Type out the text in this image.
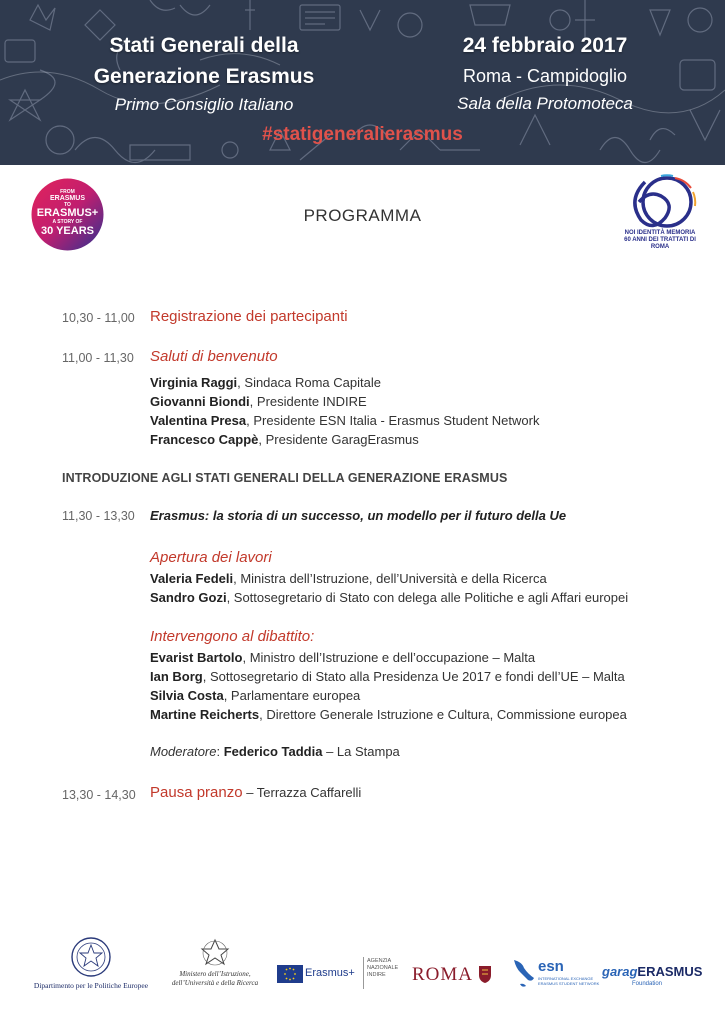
Stati Generali della
Generazione Erasmus
Primo Consiglio Italiano
24 febbraio 2017
Roma - Campidoglio
Sala della Protomoteca
#statigeneralierasmus
FROM
ERASMUS
TO
ERASMUS+
A STORY OF
30 YEARS
PROGRAMMA
NOI IDENTITÀ MEMORIA
60 ANNI DEI TRATTATI DI ROMA
10,30 - 11,00 Registrazione dei partecipanti
11,00 - 11,30 Saluti di benvenuto
Virginia Raggi, Sindaca Roma Capitale
Giovanni Biondi, Presidente INDIRE
Valentina Presa, Presidente ESN Italia - Erasmus Student Network
Francesco Cappè, Presidente GaragErasmus
INTRODUZIONE AGLI STATI GENERALI DELLA GENERAZIONE ERASMUS
11,30 - 13,30 Erasmus: la storia di un successo, un modello per il futuro della Ue
Apertura dei lavori
Valeria Fedeli, Ministra dell’Istruzione, dell’Università e della Ricerca
Sandro Gozi, Sottosegretario di Stato con delega alle Politiche e agli Affari europei
Intervengono al dibattito:
Evarist Bartolo, Ministro dell’Istruzione e dell’occupazione – Malta
Ian Borg, Sottosegretario di Stato alla Presidenza Ue 2017 e fondi dell’UE – Malta
Silvia Costa, Parlamentare europea
Martine Reicherts, Direttore Generale Istruzione e Cultura, Commissione europea
Moderatore: Federico Taddia – La Stampa
13,30 - 14,30 Pausa pranzo – Terrazza Caffarelli
Dipartimento per le Politiche Europee
Ministero dell’Istruzione,
dell’Università e della Ricerca
Erasmus+
AGENZIA
NAZIONALE
INDIRE	ROMA	esn
INTERNATIONAL EXCHANGE
ERASMUS STUDENT NETWORK
garagERASMUS
Foundation
